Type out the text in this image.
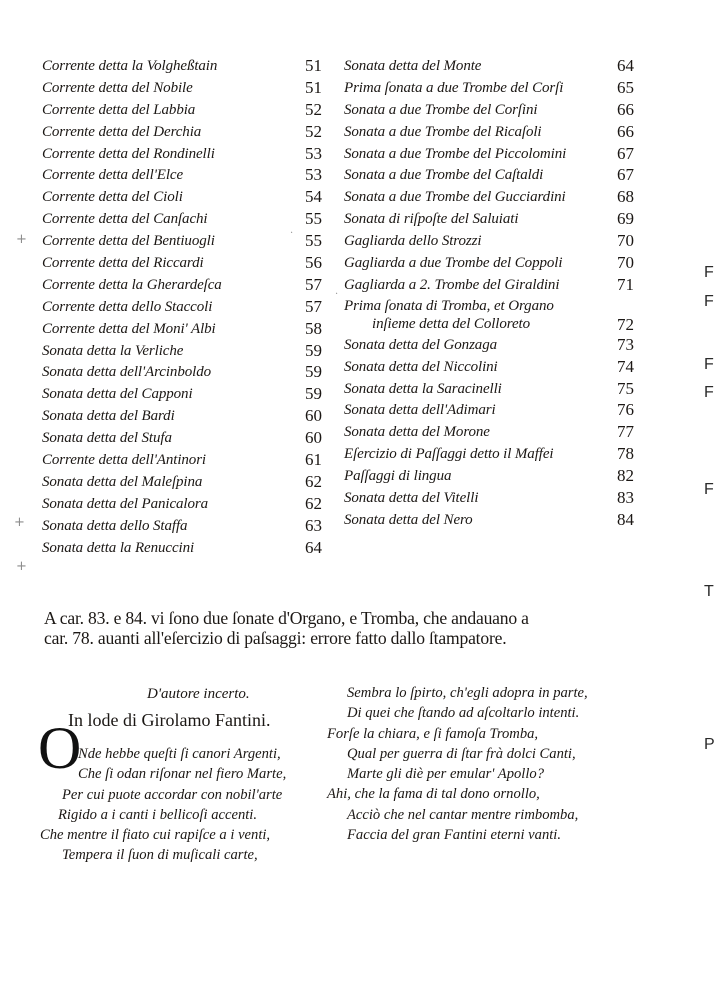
Corrente detta la Volgheßtain	51
Corrente detta del Nobile	51
Corrente detta del Labbia	52
Corrente detta del Derchia	52
Corrente detta del Rondinelli	53
Corrente detta dell'Elce	53
Corrente detta del Cioli	54
Corrente detta del Canſachi	55
Corrente detta del Bentiuogli	55
Corrente detta del Riccardi	56
Corrente detta la Gherardeſca	57
Corrente detta dello Staccoli	57
Corrente detta del Moni' Albi	58
Sonata detta la Verliche	59
Sonata detta dell'Arcinboldo	59
Sonata detta del Capponi	59
Sonata detta del Bardi	60
Sonata detta del Stufa	60
Corrente detta dell'Antinori	61
Sonata detta del Maleſpina	62
Sonata detta del Panicalora	62
Sonata detta dello Staffa	63
Sonata detta la Renuccini	64
Sonata detta del Monte	64
Prima ſonata a due Trombe del Corſi	65
Sonata a due Trombe del Corſini	66
Sonata a due Trombe del Ricaſoli	66
Sonata a due Trombe del Piccolomini	67
Sonata a due Trombe del Caſtaldi	67
Sonata a due Trombe del Gucciardini	68
Sonata di riſpoſte del Saluiati	69
Gagliarda dello Strozzi	70
Gagliarda a due Trombe del Coppoli	70
Gagliarda a 2. Trombe del Giraldini	71
Prima ſonata di Tromba, et Organo
inſieme detta del Colloreto	72
Sonata detta del Gonzaga	73
Sonata detta del Niccolini	74
Sonata detta la Saracinelli	75
Sonata detta dell'Adimari	76
Sonata detta del Morone	77
Eſercizio di Paſſaggi detto il Maffei	78
Paſſaggi di lingua	82
Sonata detta del Vitelli	83
Sonata detta del Nero	84
+
+
+
·
·

A car. 83. e 84. vi ſono due ſonate d'Organo, e Tromba, che andauano a
car. 78. auanti all'eſercizio di paſsaggi: errore fatto dallo ſtampatore.

D'autore incerto.
In lode di Girolamo Fantini.
O
Nde hebbe queſti ſi canori Argenti,
Che ſi odan riſonar nel fiero Marte,
Per cui puote accordar con nobil'arte
Rigido a i canti i bellicoſi accenti.
Che mentre il fiato cui rapiſce a i venti,
Tempera il ſuon di muſicali carte,
Sembra lo ſpirto, ch'egli adopra in parte,
Di quei che ſtando ad aſcoltarlo intenti.
Forſe la chiara, e ſi famoſa Tromba,
Qual per guerra di ſtar frà dolci Canti,
Marte gli diè per emular' Apollo?
Ahi, che la fama di tal dono ornollo,
Acciò che nel cantar mentre rimbomba,
Faccia del gran Fantini eterni vanti.
F
F
F
F
F
T
P
